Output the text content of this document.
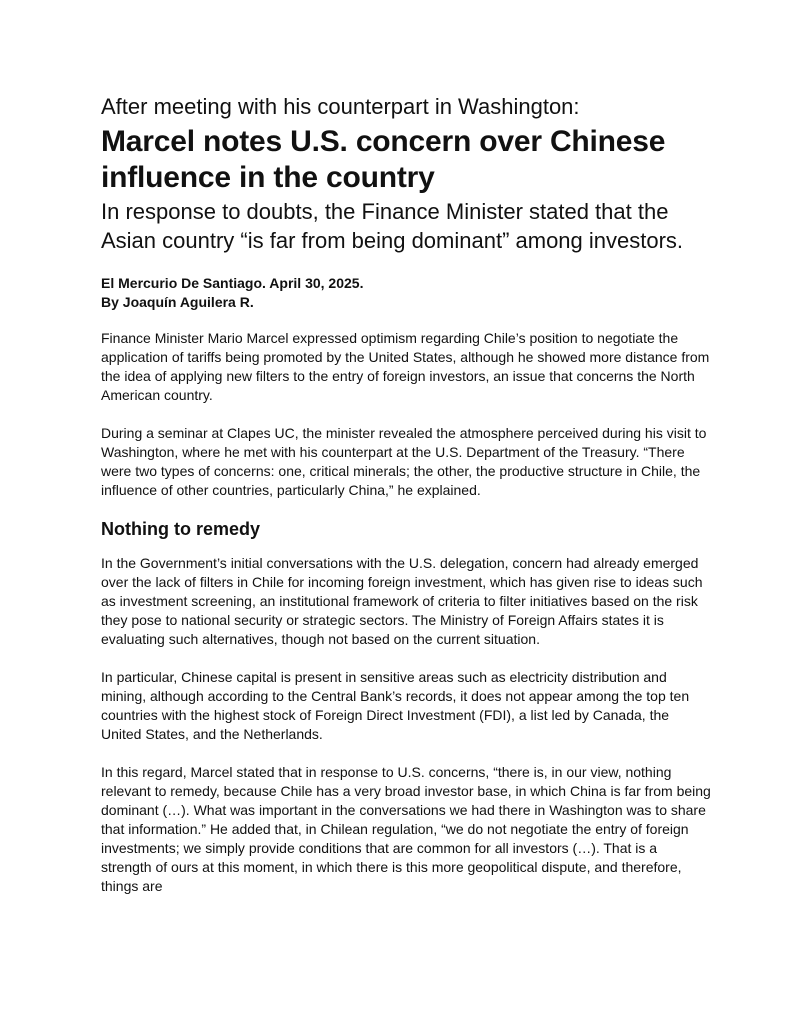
After meeting with his counterpart in Washington:
Marcel notes U.S. concern over Chinese influence in the country
In response to doubts, the Finance Minister stated that the Asian country “is far from being dominant” among investors.
El Mercurio De Santiago. April 30, 2025.
By Joaquín Aguilera R.

Finance Minister Mario Marcel expressed optimism regarding Chile’s position to negotiate the application of tariffs being promoted by the United States, although he showed more distance from the idea of applying new filters to the entry of foreign investors, an issue that concerns the North American country.

During a seminar at Clapes UC, the minister revealed the atmosphere perceived during his visit to Washington, where he met with his counterpart at the U.S. Department of the Treasury. “There were two types of concerns: one, critical minerals; the other, the productive structure in Chile, the influence of other countries, particularly China,” he explained.

Nothing to remedy

In the Government’s initial conversations with the U.S. delegation, concern had already emerged over the lack of filters in Chile for incoming foreign investment, which has given rise to ideas such as investment screening, an institutional framework of criteria to filter initiatives based on the risk they pose to national security or strategic sectors. The Ministry of Foreign Affairs states it is evaluating such alternatives, though not based on the current situation.

In particular, Chinese capital is present in sensitive areas such as electricity distribution and mining, although according to the Central Bank’s records, it does not appear among the top ten countries with the highest stock of Foreign Direct Investment (FDI), a list led by Canada, the United States, and the Netherlands.

In this regard, Marcel stated that in response to U.S. concerns, “there is, in our view, nothing relevant to remedy, because Chile has a very broad investor base, in which China is far from being dominant (…). What was important in the conversations we had there in Washington was to share that information.” He added that, in Chilean regulation, “we do not negotiate the entry of foreign investments; we simply provide conditions that are common for all investors (…). That is a strength of ours at this moment, in which there is this more geopolitical dispute, and therefore, things are
